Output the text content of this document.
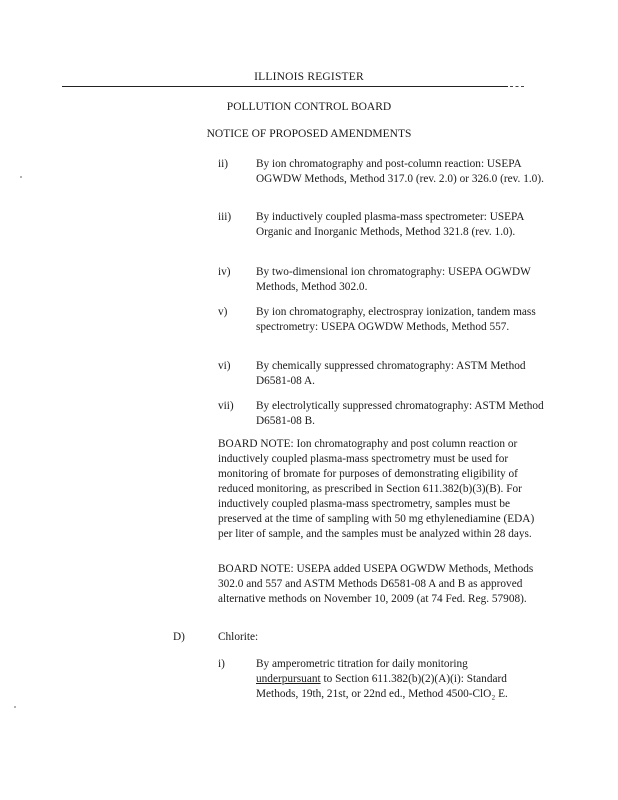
ILLINOIS REGISTER
POLLUTION CONTROL BOARD
NOTICE OF PROPOSED AMENDMENTS
ii) By ion chromatography and post-column reaction: USEPA OGWDW Methods, Method 317.0 (rev. 2.0) or 326.0 (rev. 1.0).
iii) By inductively coupled plasma-mass spectrometer: USEPA Organic and Inorganic Methods, Method 321.8 (rev. 1.0).
iv) By two-dimensional ion chromatography: USEPA OGWDW Methods, Method 302.0.
v)	By ion chromatography, electrospray ionization, tandem mass spectrometry: USEPA OGWDW Methods, Method 557.
vi) By chemically suppressed chromatography: ASTM Method D6581-08 A.
vii) By electrolytically suppressed chromatography: ASTM Method D6581-08 B.
BOARD NOTE: Ion chromatography and post column reaction or inductively coupled plasma-mass spectrometry must be used for monitoring of bromate for purposes of demonstrating eligibility of reduced monitoring, as prescribed in Section 611.382(b)(3)(B). For inductively coupled plasma-mass spectrometry, samples must be preserved at the time of sampling with 50 mg ethylenediamine (EDA) per liter of sample, and the samples must be analyzed within 28 days.
BOARD NOTE: USEPA added USEPA OGWDW Methods, Methods 302.0 and 557 and ASTM Methods D6581-08 A and B as approved alternative methods on November 10, 2009 (at 74 Fed. Reg. 57908).
D)	Chlorite:
i)	By amperometric titration for daily monitoring
underpursuant to Section 611.382(b)(2)(A)(i): Standard
Methods, 19th, 21st, or 22nd ed., Method 4500-ClO₂ E.
